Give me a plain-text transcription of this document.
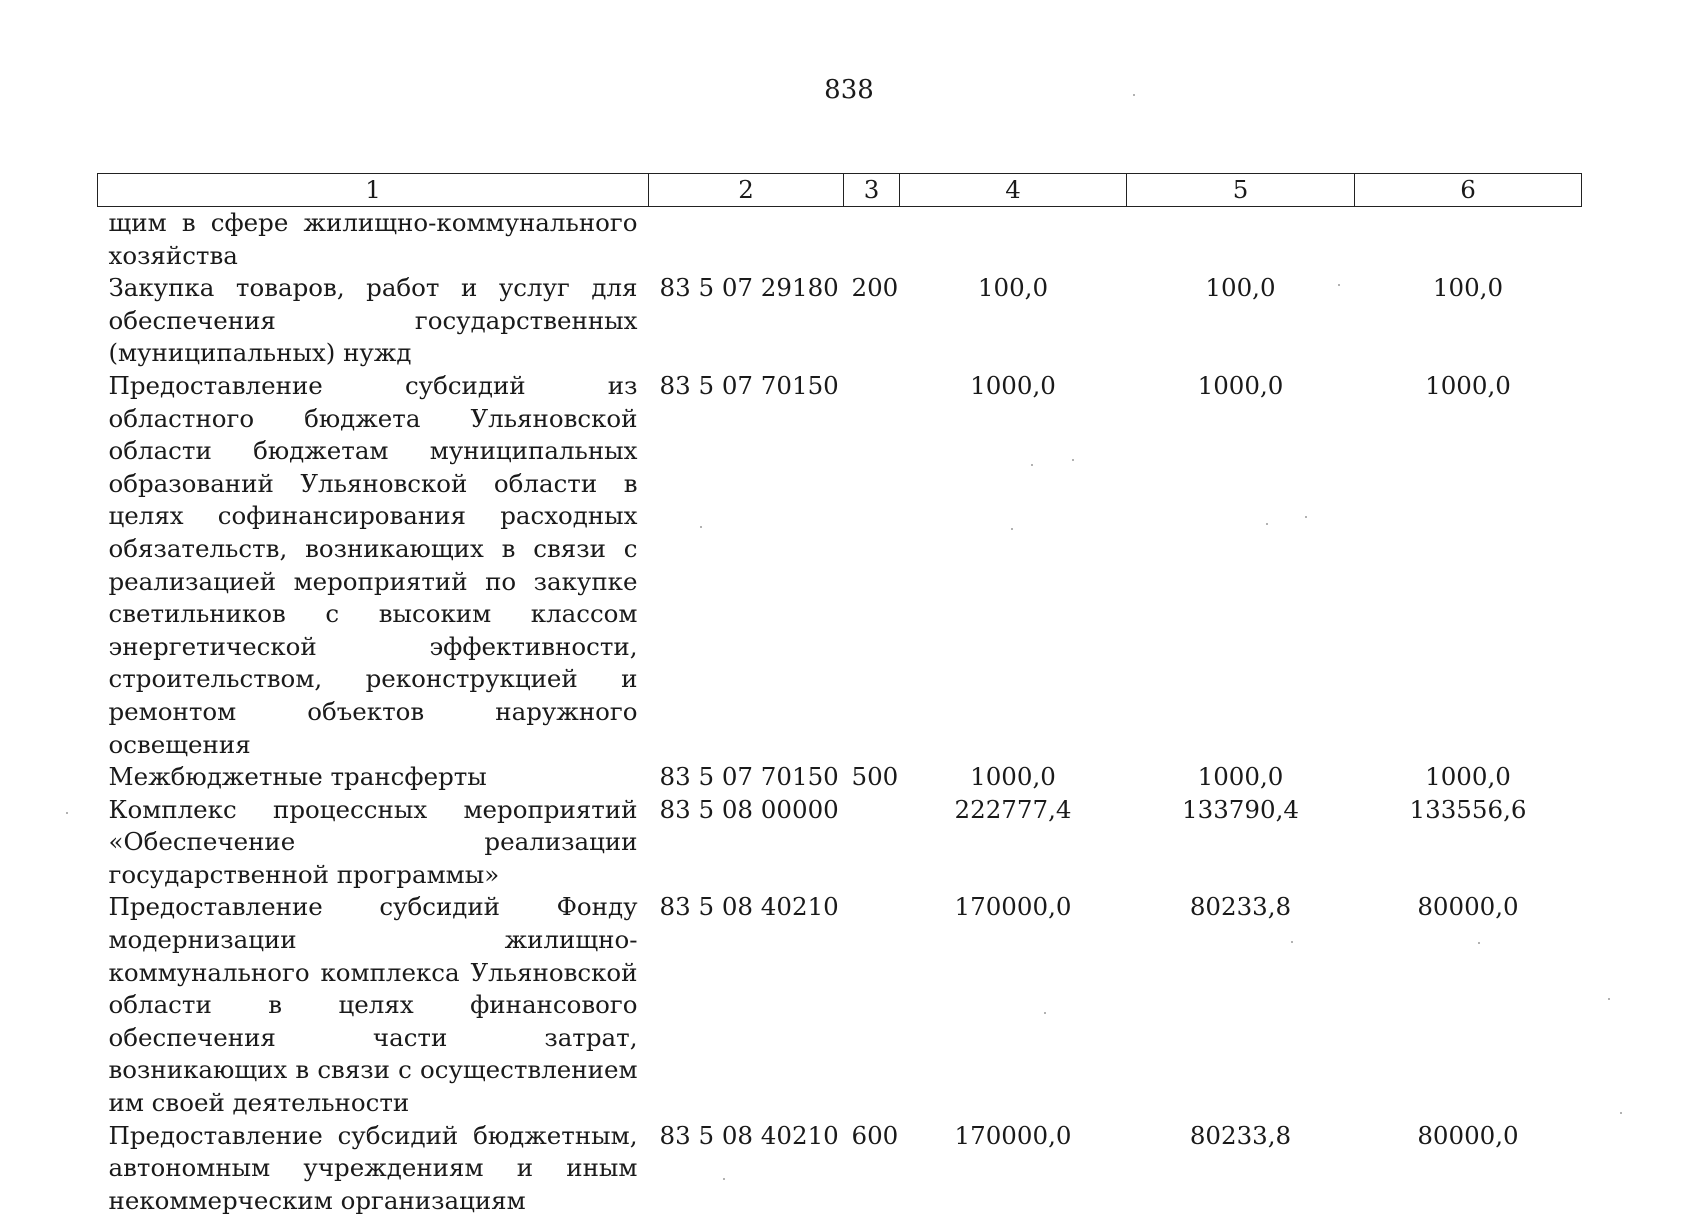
838
1	2	3	4	5	6
щим в сфере жилищно-коммунального хозяйства					
Закупка товаров, работ и услуг для обеспечения государственных (муниципальных) нужд	83 5 07 29180	200	100,0	100,0	100,0
Предоставление субсидий из областного бюджета Ульяновской области бюджетам муниципальных образований Ульяновской области в целях софинансирования расходных обязательств, возникающих в связи с реализацией мероприятий по закупке светильников с высоким классом энергетической эффективности, строительством, реконструкцией и ремонтом объектов наружного освещения	83 5 07 70150		1000,0	1000,0	1000,0
Межбюджетные трансферты	83 5 07 70150	500	1000,0	1000,0	1000,0
Комплекс процессных мероприятий «Обеспечение реализации государственной программы»	83 5 08 00000		222777,4	133790,4	133556,6
Предоставление субсидий Фонду модернизации жилищно-коммунального комплекса Ульяновской области в целях финансового обеспечения части затрат, возникающих в связи с осуществлением им своей деятельности	83 5 08 40210		170000,0	80233,8	80000,0
Предоставление субсидий бюджетным, автономным учреждениям и иным некоммерческим организациям	83 5 08 40210	600	170000,0	80233,8	80000,0
